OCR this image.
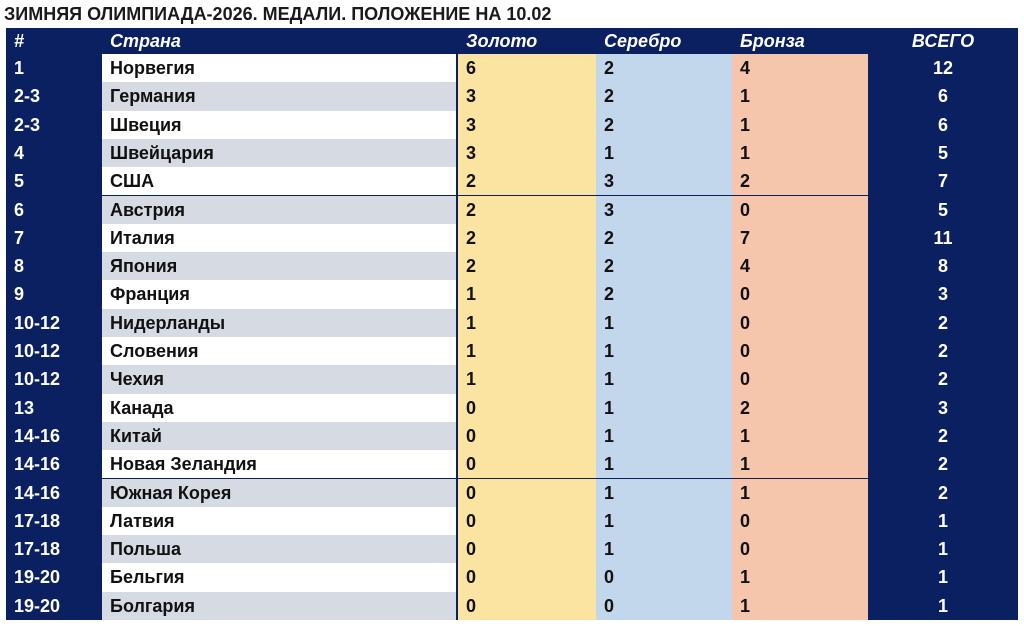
ЗИМНЯЯ ОЛИМПИАДА-2026. МЕДАЛИ. ПОЛОЖЕНИЕ НА 10.02
#	Страна	Золото	Серебро	Бронза	ВСЕГО
1	Норвегия	6	2	4	12
2-3	Германия	3	2	1	6
2-3	Швеция	3	2	1	6
4	Швейцария	3	1	1	5
5	США	2	3	2	7
6	Австрия	2	3	0	5
7	Италия	2	2	7	11
8	Япония	2	2	4	8
9	Франция	1	2	0	3
10-12	Нидерланды	1	1	0	2
10-12	Словения	1	1	0	2
10-12	Чехия	1	1	0	2
13	Канада	0	1	2	3
14-16	Китай	0	1	1	2
14-16	Новая Зеландия	0	1	1	2
14-16	Южная Корея	0	1	1	2
17-18	Латвия	0	1	0	1
17-18	Польша	0	1	0	1
19-20	Бельгия	0	0	1	1
19-20	Болгария	0	0	1	1
